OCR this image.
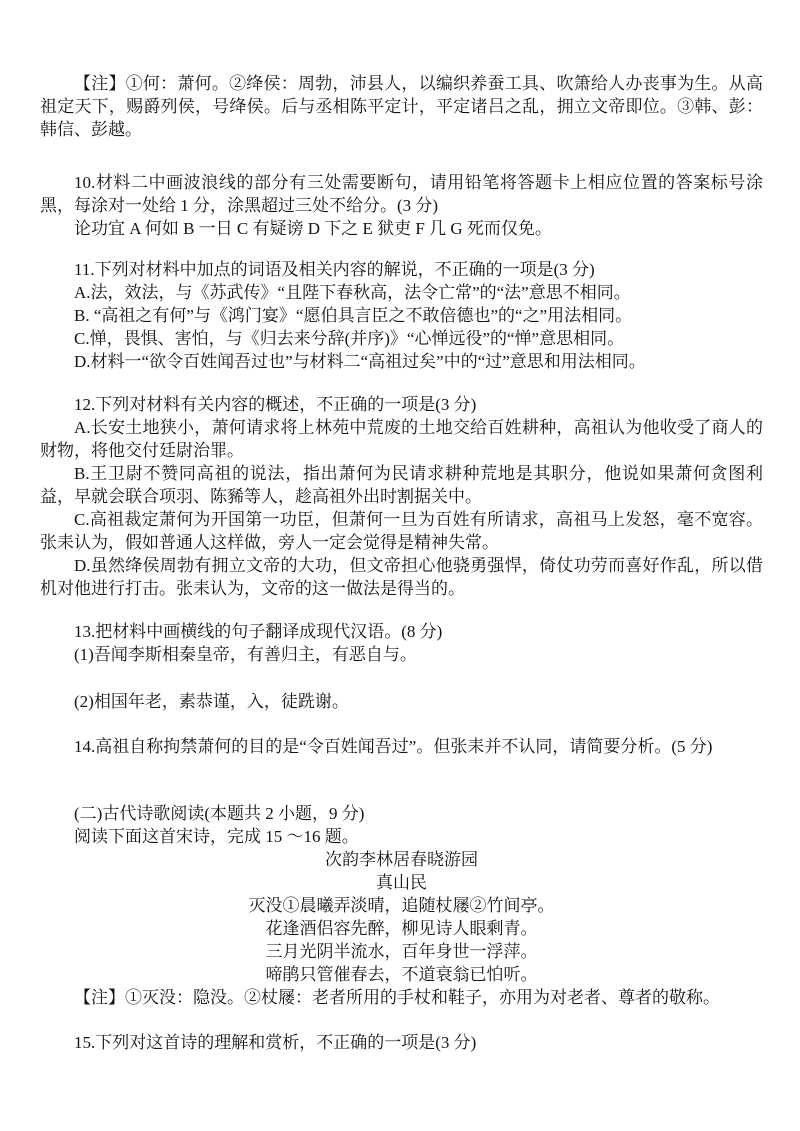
【注】①何：萧何。②绛侯：周勃，沛县人，以编织养蚕工具、吹箫给人办丧事为生。从高祖定天下，赐爵列侯，号绛侯。后与丞相陈平定计，平定诸吕之乱，拥立文帝即位。③韩、彭：韩信、彭越。

10.材料二中画波浪线的部分有三处需要断句，请用铅笔将答题卡上相应位置的答案标号涂黑，每涂对一处给 1 分，涂黑超过三处不给分。(3 分)

论功宜 A 何如 B 一日 C 有疑谤 D 下之 E 狱吏 F 几 G 死而仅免。

11.下列对材料中加点的词语及相关内容的解说，不正确的一项是(3 分)

A.法，效法，与《苏武传》“且陛下春秋高，法令亡常”的“法”意思不相同。

B. “高祖之有何”与《鸿门宴》“愿伯具言臣之不敢倍德也”的“之”用法相同。

C.惮，畏惧、害怕，与《归去来兮辞(并序)》“心惮远役”的“惮”意思相同。

D.材料一“欲令百姓闻吾过也”与材料二“高祖过矣”中的“过”意思和用法相同。

12.下列对材料有关内容的概述，不正确的一项是(3 分)

A.长安土地狭小，萧何请求将上林苑中荒废的土地交给百姓耕种，高祖认为他收受了商人的财物，将他交付廷尉治罪。

B.王卫尉不赞同高祖的说法，指出萧何为民请求耕种荒地是其职分，他说如果萧何贪图利益，早就会联合项羽、陈豨等人，趁高祖外出时割据关中。

C.高祖裁定萧何为开国第一功臣，但萧何一旦为百姓有所请求，高祖马上发怒，毫不宽容。张耒认为，假如普通人这样做，旁人一定会觉得是精神失常。

D.虽然绛侯周勃有拥立文帝的大功，但文帝担心他骁勇强悍，倚仗功劳而喜好作乱，所以借机对他进行打击。张耒认为，文帝的这一做法是得当的。

13.把材料中画横线的句子翻译成现代汉语。(8 分)

(1)吾闻李斯相秦皇帝，有善归主，有恶自与。

(2)相国年老，素恭谨，入，徒跣谢。

14.高祖自称拘禁萧何的目的是“令百姓闻吾过”。但张耒并不认同，请简要分析。(5 分)

(二)古代诗歌阅读(本题共 2 小题，9 分)

阅读下面这首宋诗，完成 15 ～16 题。

次韵李林居春晓游园

真山民

灭没①晨曦弄淡晴，追随杖屦②竹间亭。

花逢酒侣容先醉，柳见诗人眼剩青。

三月光阴半流水，百年身世一浮萍。

啼鹃只管催春去，不道衰翁已怕听。

【注】①灭没：隐没。②杖屦：老者所用的手杖和鞋子，亦用为对老者、尊者的敬称。

15.下列对这首诗的理解和赏析，不正确的一项是(3 分)
